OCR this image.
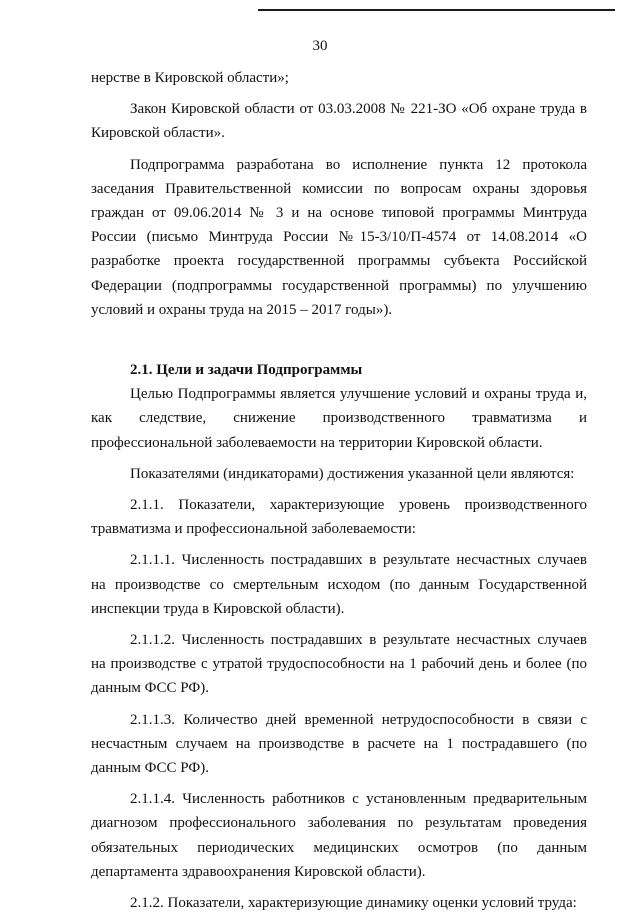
30

нерстве в Кировской области»;

Закон Кировской области от 03.03.2008 № 221-ЗО «Об охране труда в Кировской области».

Подпрограмма разработана во исполнение пункта 12 протокола заседания Правительственной комиссии по вопросам охраны здоровья граждан от 09.06.2014 № 3 и на основе типовой программы Минтруда России (письмо Минтруда России №15-3/10/П-4574 от 14.08.2014 «О разработке проекта государственной программы субъекта Российской Федерации (подпрограммы государственной программы) по улучшению условий и охраны труда на 2015 – 2017 годы»).

2.1. Цели и задачи Подпрограммы

Целью Подпрограммы является улучшение условий и охраны труда и, как следствие, снижение производственного травматизма и профессиональной заболеваемости на территории Кировской области.

Показателями (индикаторами) достижения указанной цели являются:

2.1.1. Показатели, характеризующие уровень производственного травматизма и профессиональной заболеваемости:

2.1.1.1. Численность пострадавших в результате несчастных случаев на производстве со смертельным исходом (по данным Государственной инспекции труда в Кировской области).

2.1.1.2. Численность пострадавших в результате несчастных случаев на производстве с утратой трудоспособности на 1 рабочий день и более (по данным ФСС РФ).

2.1.1.3. Количество дней временной нетрудоспособности в связи с несчастным случаем на производстве в расчете на 1 пострадавшего (по данным ФСС РФ).

2.1.1.4. Численность работников с установленным предварительным диагнозом профессионального заболевания по результатам проведения обязательных периодических медицинских осмотров (по данным департамента здравоохранения Кировской области).

2.1.2. Показатели, характеризующие динамику оценки условий труда:
